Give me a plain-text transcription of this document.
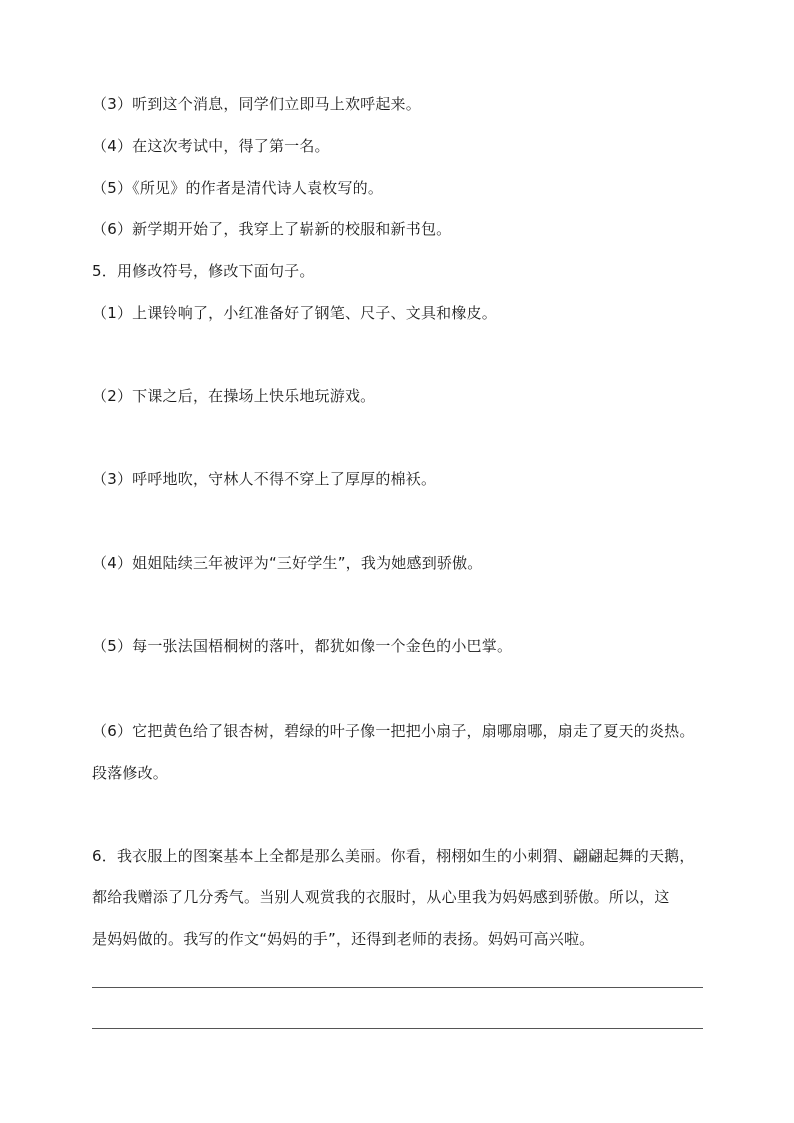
（3）听到这个消息，同学们立即马上欢呼起来。
（4）在这次考试中，得了第一名。
（5）《所见》的作者是清代诗人袁枚写的。
（6）新学期开始了，我穿上了崭新的校服和新书包。
5．用修改符号，修改下面句子。
（1）上课铃响了，小红准备好了钢笔、尺子、文具和橡皮。
（2）下课之后，在操场上快乐地玩游戏。
（3）呼呼地吹，守林人不得不穿上了厚厚的棉袄。
（4）姐姐陆续三年被评为“三好学生”，我为她感到骄傲。
（5）每一张法国梧桐树的落叶，都犹如像一个金色的小巴掌。
（6）它把黄色给了银杏树，碧绿的叶子像一把把小扇子，扇哪扇哪，扇走了夏天的炎热。
段落修改。
6．我衣服上的图案基本上全都是那么美丽。你看，栩栩如生的小刺猬、翩翩起舞的天鹅，
都给我赠添了几分秀气。当别人观赏我的衣服时，从心里我为妈妈感到骄傲。所以，这
是妈妈做的。我写的作文“妈妈的手”，还得到老师的表扬。妈妈可高兴啦。
